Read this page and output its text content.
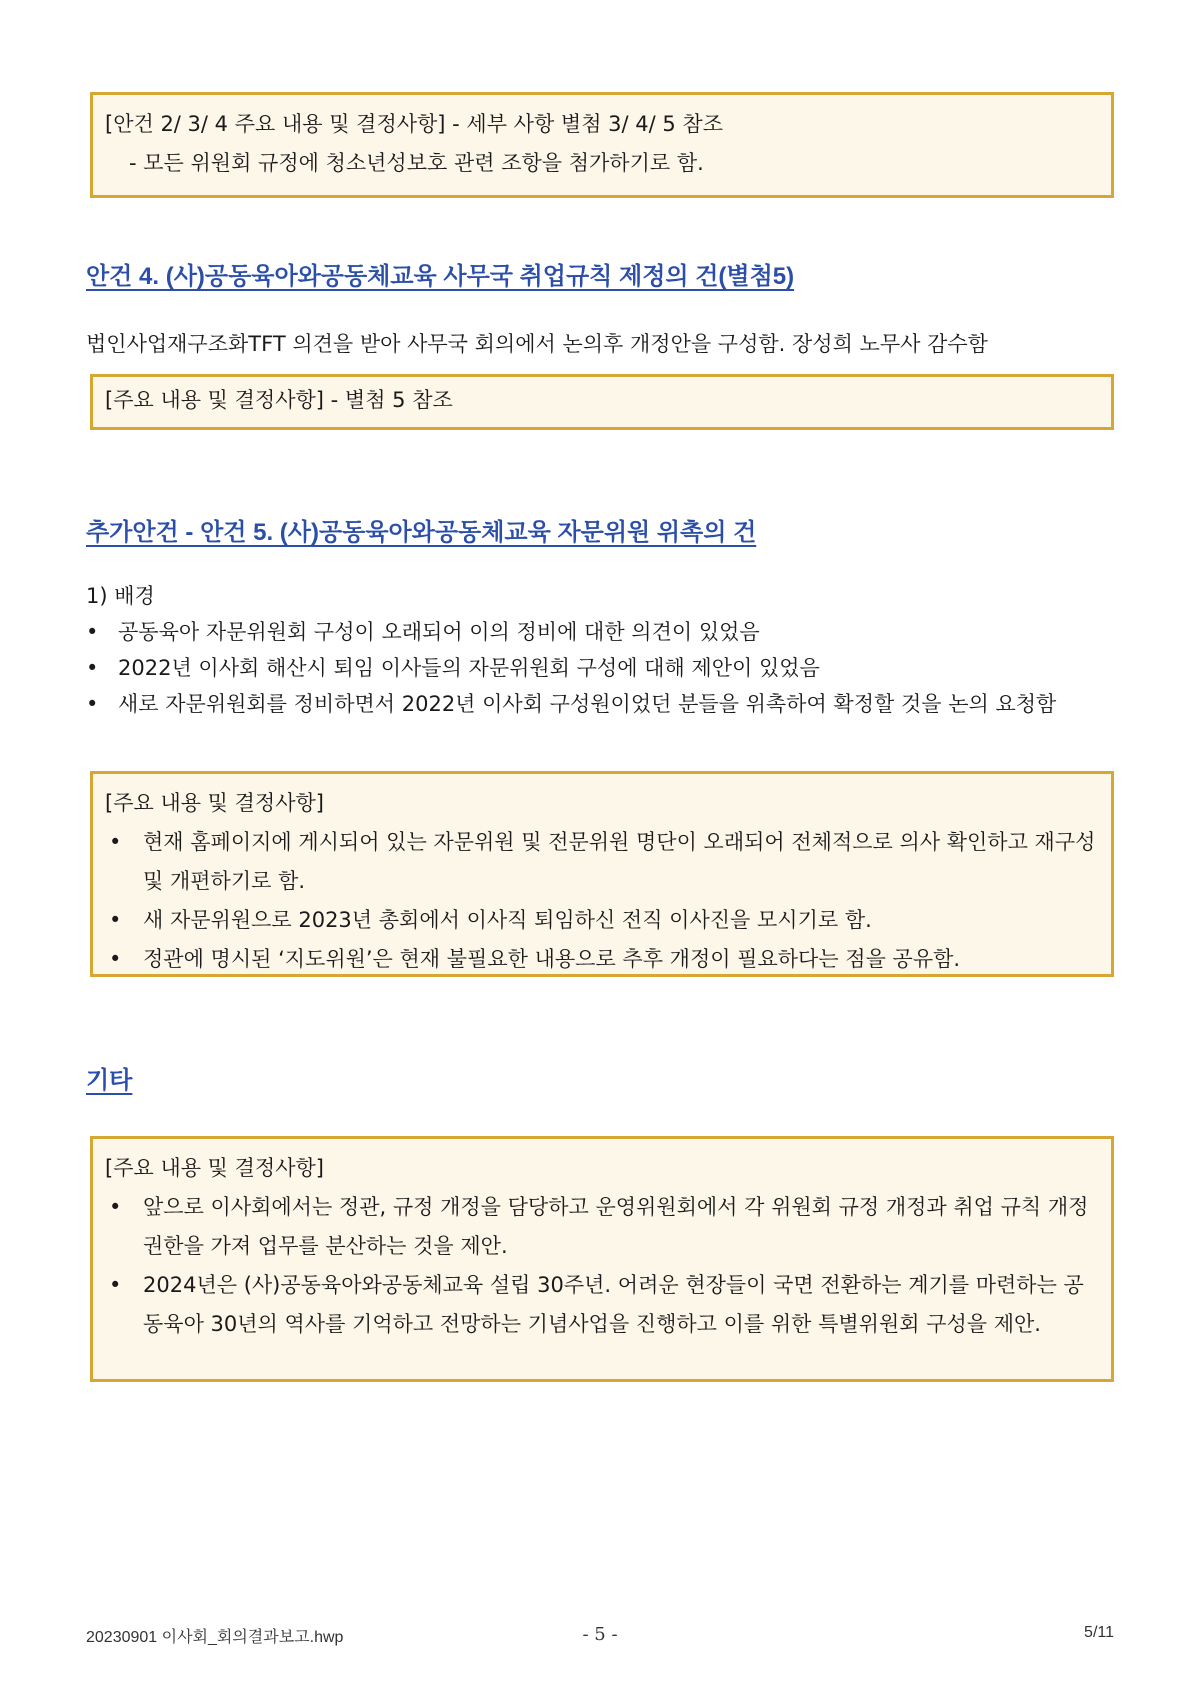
[안건 2/ 3/ 4 주요 내용 및 결정사항] - 세부 사항 별첨 3/ 4/ 5 참조
- 모든 위원회 규정에 청소년성보호 관련 조항을 첨가하기로 함.
안건 4. (사)공동육아와공동체교육 사무국 취업규칙 제정의 건(별첨5)
법인사업재구조화TFT 의견을 받아 사무국 회의에서 논의후 개정안을 구성함. 장성희 노무사 감수함
[주요 내용 및 결정사항] - 별첨 5 참조
추가안건 - 안건 5. (사)공동육아와공동체교육 자문위원 위촉의 건
1) 배경
• 공동육아 자문위원회 구성이 오래되어 이의 정비에 대한 의견이 있었음
• 2022년 이사회 해산시 퇴임 이사들의 자문위원회 구성에 대해 제안이 있었음
• 새로 자문위원회를 정비하면서 2022년 이사회 구성원이었던 분들을 위촉하여 확정할 것을 논의 요청함
[주요 내용 및 결정사항]
•	현재 홈페이지에 게시되어 있는 자문위원 및 전문위원 명단이 오래되어 전체적으로 의사 확인하고 재구성 및 개편하기로 함.
•	새 자문위원으로 2023년 총회에서 이사직 퇴임하신 전직 이사진을 모시기로 함.
•	정관에 명시된 ‘지도위원’은 현재 불필요한 내용으로 추후 개정이 필요하다는 점을 공유함.
기타
[주요 내용 및 결정사항]
•	앞으로 이사회에서는 정관, 규정 개정을 담당하고 운영위원회에서 각 위원회 규정 개정과 취업 규칙 개정 권한을 가져 업무를 분산하는 것을 제안.
•	2024년은 (사)공동육아와공동체교육 설립 30주년. 어려운 현장들이 국면 전환하는 계기를 마련하는 공동육아 30년의 역사를 기억하고 전망하는 기념사업을 진행하고 이를 위한 특별위원회 구성을 제안.
20230901 이사회_회의결과보고.hwp	- 5 -	5/11
